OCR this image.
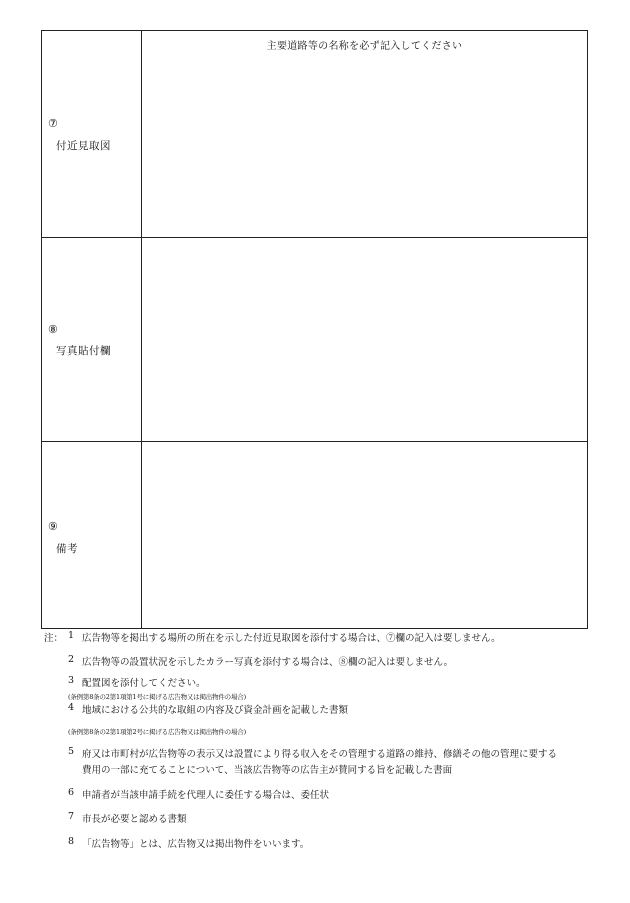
⑦
付近見取図
主要道路等の名称を必ず記入してください
⑧
写真貼付欄
⑨
備考
注： 1 広告物等を掲出する場所の所在を示した付近見取図を添付する場合は、⑦欄の記入は要しません。
2 広告物等の設置状況を示したカラー写真を添付する場合は、⑧欄の記入は要しません。
3 配置図を添付してください。
(条例第8条の2第1項第1号に掲げる広告物又は掲出物件の場合)
4 地域における公共的な取組の内容及び資金計画を記載した書類
(条例第8条の2第1項第2号に掲げる広告物又は掲出物件の場合)
5 府又は市町村が広告物等の表示又は設置により得る収入をその管理する道路の維持、修繕その他の管理に要する
費用の一部に充てることについて、当該広告物等の広告主が賛同する旨を記載した書面
6 申請者が当該申請手続を代理人に委任する場合は、委任状
7 市長が必要と認める書類
8 「広告物等」とは、広告物又は掲出物件をいいます。
